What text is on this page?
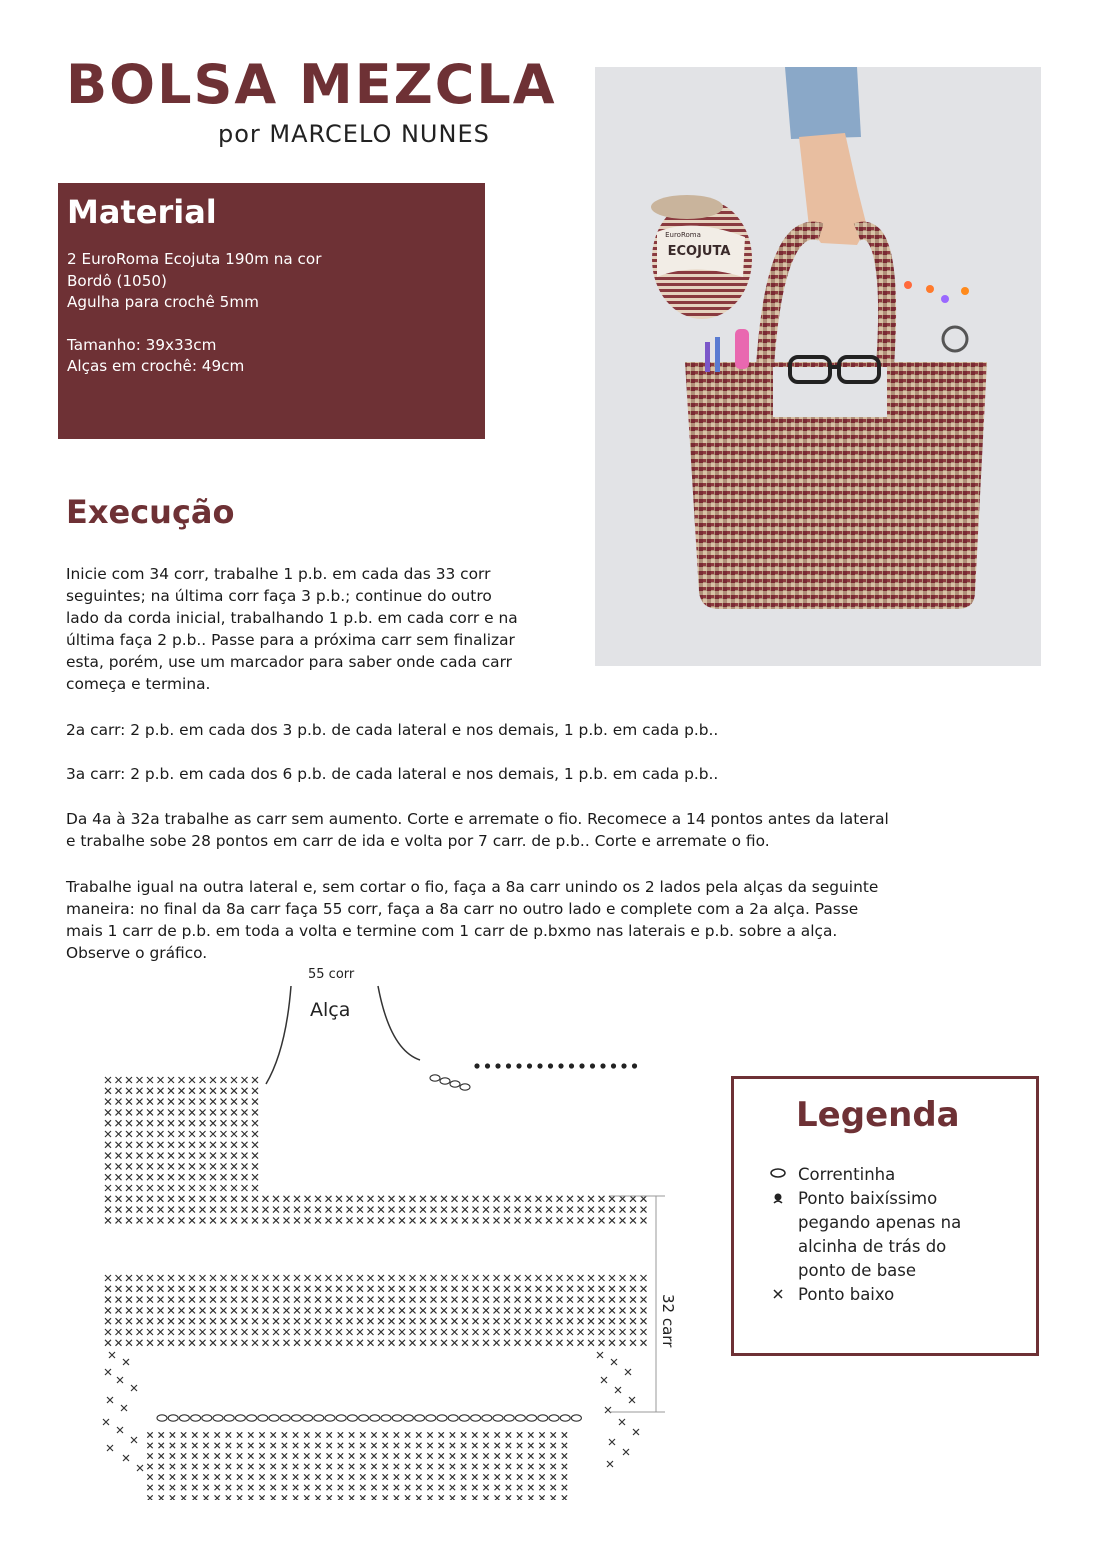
BOLSA MEZCLA
por MARCELO NUNES
Material

2 EuroRoma Ecojuta 190m na cor

Bordô (1050)

Agulha para crochê 5mm

Tamanho: 39x33cm

Alças em crochê: 49cm

ECOJUTA
EuroRoma
Execução

Inicie com 34 corr, trabalhe 1 p.b. em cada das 33 corr

seguintes; na última corr faça 3 p.b.; continue do outro

lado da corda inicial, trabalhando 1 p.b. em cada corr e na

última faça 2 p.b.. Passe para a próxima carr sem finalizar

esta, porém, use um marcador para saber onde cada carr

começa e termina.

2a carr: 2 p.b. em cada dos 3 p.b. de cada lateral e nos demais, 1 p.b. em cada p.b..

3a carr: 2 p.b. em cada dos 6 p.b. de cada lateral e nos demais, 1 p.b. em cada p.b..

Da 4a à 32a trabalhe as carr sem aumento. Corte e arremate o fio. Recomece a 14 pontos antes da lateral

e trabalhe sobe 28 pontos em carr de ida e volta por 7 carr. de p.b.. Corte e arremate o fio.

Trabalhe igual na outra lateral e, sem cortar o fio, faça a 8a carr unindo os 2 lados pela alças da seguinte

maneira: no final da 8a carr faça 55 corr, faça a 8a carr no outro lado e complete com a 2a alça. Passe

mais 1 carr de p.b. em toda a volta e termine com 1 carr de p.bxmo nas laterais e p.b. sobre a alça.

Observe o gráfico.

55 corr
Alça
32 carr
Legenda
Correntinha
Ponto baixíssimo
pegando apenas na
alcinha de trás do
ponto de base
Ponto baixo
